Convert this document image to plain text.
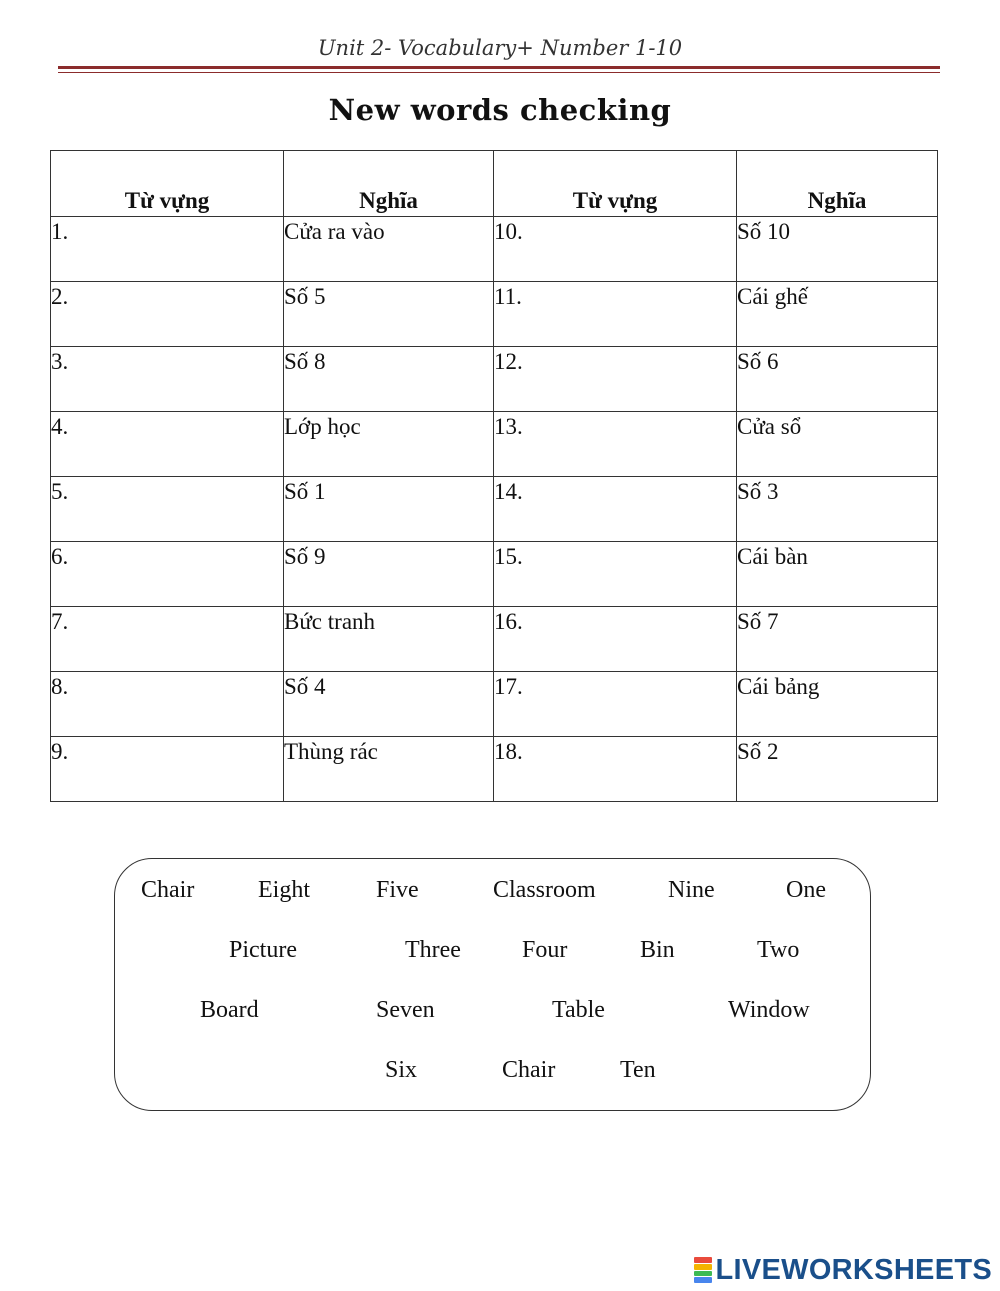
Unit 2- Vocabulary+ Number 1-10
New words checking
Từ vựng	Nghĩa	Từ vựng	Nghĩa
1.	Cửa ra vào	10.	Số 10
2.	Số 5	11.	Cái ghế
3.	Số 8	12.	Số 6
4.	Lớp học	13.	Cửa sổ
5.	Số 1	14.	Số 3
6.	Số 9	15.	Cái bàn
7.	Bức tranh	16.	Số 7
8.	Số 4	17.	Cái bảng
9.	Thùng rác	18.	Số 2
Chair	Eight	Five	Classroom	Nine	One
Picture	Three	Four	Bin	Two
Board	Seven	Table	Window
Six	Chair	Ten
LIVEWORKSHEETS
